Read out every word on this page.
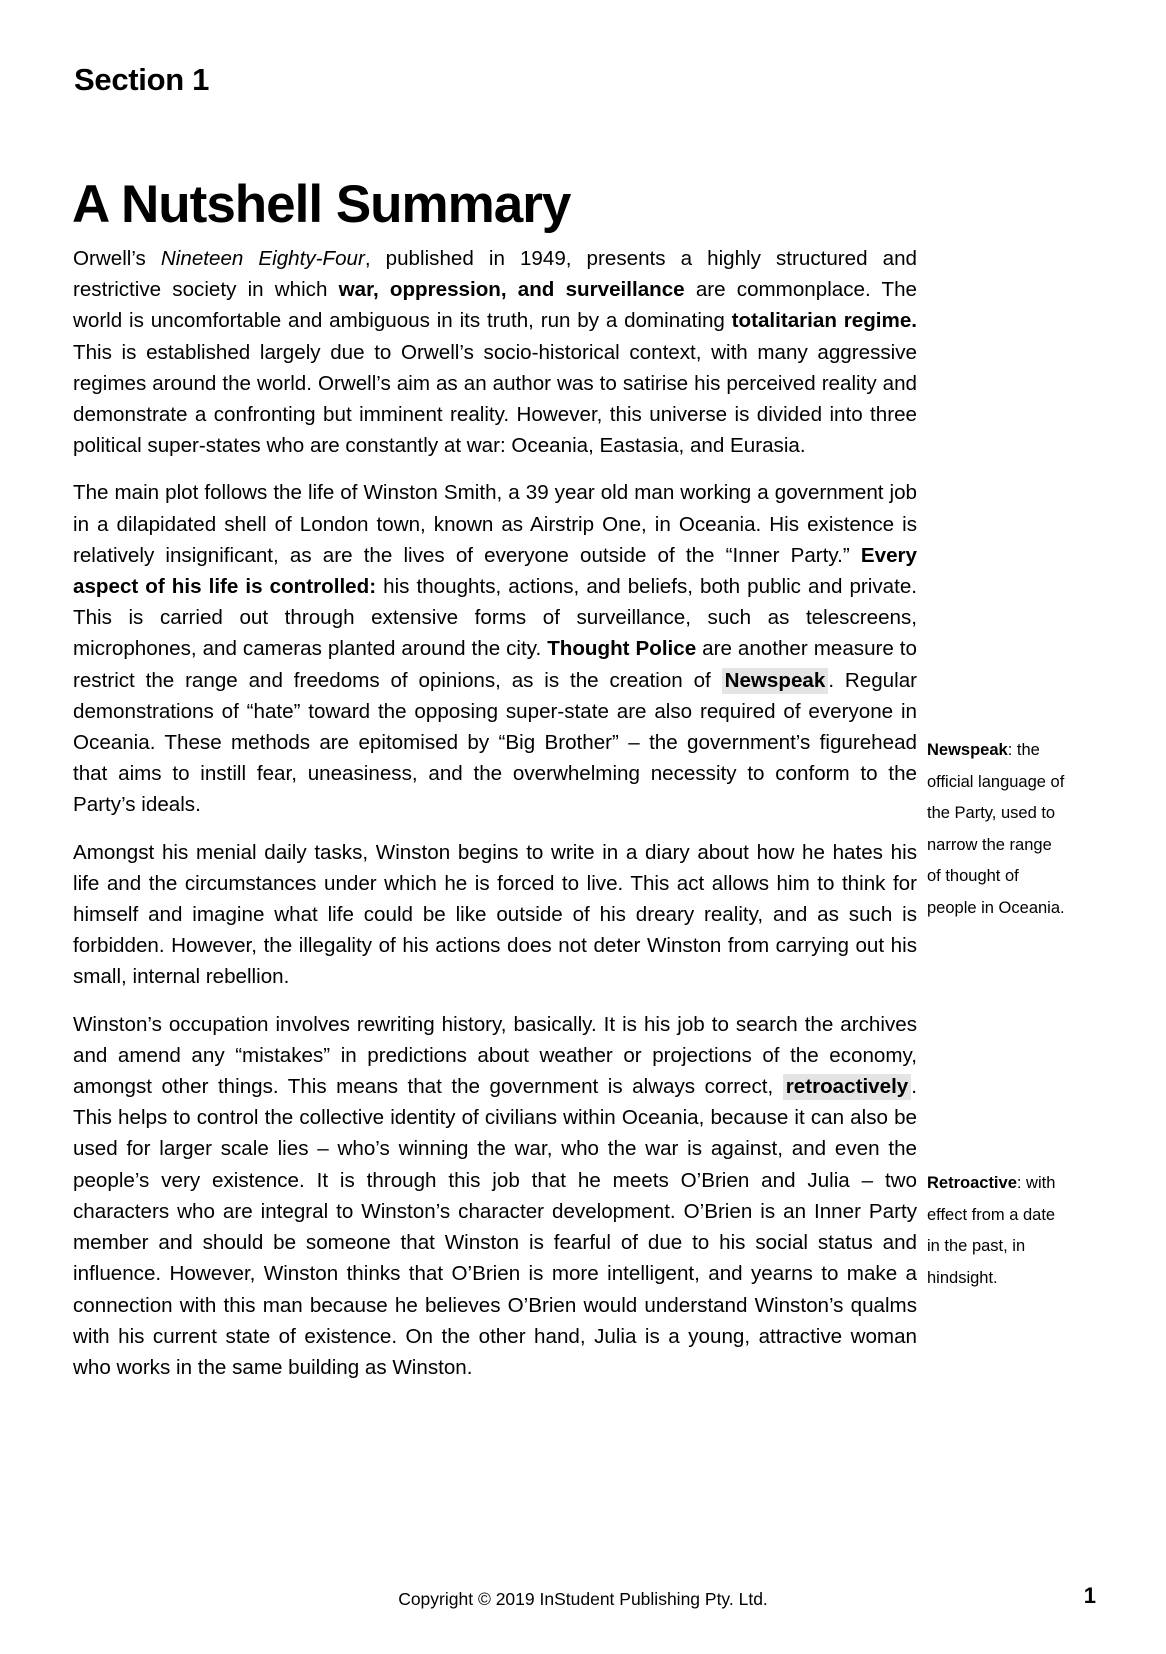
Section 1
A Nutshell Summary

Orwell’s Nineteen Eighty-Four, published in 1949, presents a highly structured and restrictive society in which war, oppression, and surveillance are commonplace. The world is uncomfortable and ambiguous in its truth, run by a dominating totalitarian regime. This is established largely due to Orwell’s socio-historical context, with many aggressive regimes around the world. Orwell’s aim as an author was to satirise his perceived reality and demonstrate a confronting but imminent reality. However, this universe is divided into three political super-states who are constantly at war: Oceania, Eastasia, and Eurasia.

The main plot follows the life of Winston Smith, a 39 year old man working a government job in a dilapidated shell of London town, known as Airstrip One, in Oceania. His existence is relatively insignificant, as are the lives of everyone outside of the “Inner Party.” Every aspect of his life is controlled: his thoughts, actions, and beliefs, both public and private. This is carried out through extensive forms of surveillance, such as telescreens, microphones, and cameras planted around the city. Thought Police are another measure to restrict the range and freedoms of opinions, as is the creation of Newspeak . Regular demonstrations of “hate” toward the opposing super-state are also required of everyone in Oceania. These methods are epitomised by “Big Brother” – the government’s figurehead that aims to instill fear, uneasiness, and the overwhelming necessity to conform to the Party’s ideals.

Amongst his menial daily tasks, Winston begins to write in a diary about how he hates his life and the circumstances under which he is forced to live. This act allows him to think for himself and imagine what life could be like outside of his dreary reality, and as such is forbidden. However, the illegality of his actions does not deter Winston from carrying out his small, internal rebellion.

Winston’s occupation involves rewriting history, basically. It is his job to search the archives and amend any “mistakes” in predictions about weather or projections of the economy, amongst other things. This means that the government is always correct, retroactively . This helps to control the collective identity of civilians within Oceania, because it can also be used for larger scale lies – who’s winning the war, who the war is against, and even the people’s very existence. It is through this job that he meets O’Brien and Julia – two characters who are integral to Winston’s character development. O’Brien is an Inner Party member and should be someone that Winston is fearful of due to his social status and influence. However, Winston thinks that O’Brien is more intelligent, and yearns to make a connection with this man because he believes O’Brien would understand Winston’s qualms with his current state of existence. On the other hand, Julia is a young, attractive woman who works in the same building as Winston.

Newspeak: the official language of the Party, used to narrow the range of thought of people in Oceania.
Retroactive: with effect from a date in the past, in hindsight.
Copyright © 2019 InStudent Publishing Pty. Ltd.	1
